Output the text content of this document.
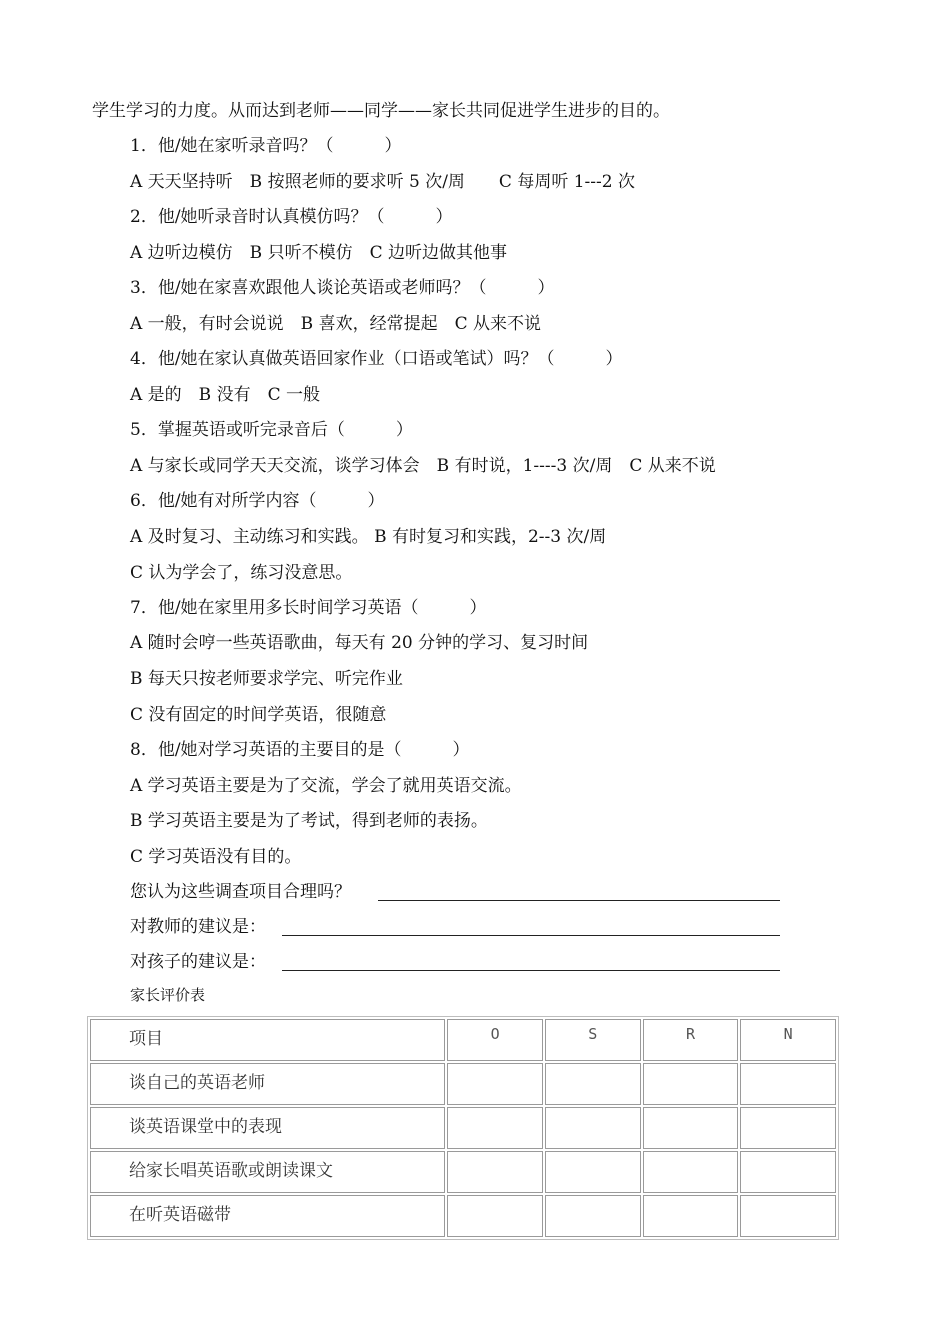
学生学习的力度。从而达到老师——同学——家长共同促进学生进步的目的。
1．他/她在家听录音吗？（　　　）
A 天天坚持听　B 按照老师的要求听 5 次/周　　C 每周听 1---2 次
2．他/她听录音时认真模仿吗？（　　　）
A 边听边模仿　B 只听不模仿　C 边听边做其他事
3．他/她在家喜欢跟他人谈论英语或老师吗？（　　　）
A 一般，有时会说说　B 喜欢，经常提起　C 从来不说
4．他/她在家认真做英语回家作业（口语或笔试）吗？（　　　）
A 是的　B 没有　C 一般
5．掌握英语或听完录音后（　　　）
A 与家长或同学天天交流，谈学习体会　B 有时说，1----3 次/周　C 从来不说
6．他/她有对所学内容（　　　）
A 及时复习、主动练习和实践。 B 有时复习和实践，2--3 次/周
C 认为学会了，练习没意思。
7．他/她在家里用多长时间学习英语（　　　）
A 随时会哼一些英语歌曲，每天有 20 分钟的学习、复习时间
B 每天只按老师要求学完、听完作业
C 没有固定的时间学英语，很随意
8．他/她对学习英语的主要目的是（　　　）
A 学习英语主要是为了交流，学会了就用英语交流。
B 学习英语主要是为了考试，得到老师的表扬。
C 学习英语没有目的。
您认为这些调查项目合理吗？
对教师的建议是：
对孩子的建议是：
家长评价表
项目	O	S	R	N
谈自己的英语老师				
谈英语课堂中的表现				
给家长唱英语歌或朗读课文				
在听英语磁带				
